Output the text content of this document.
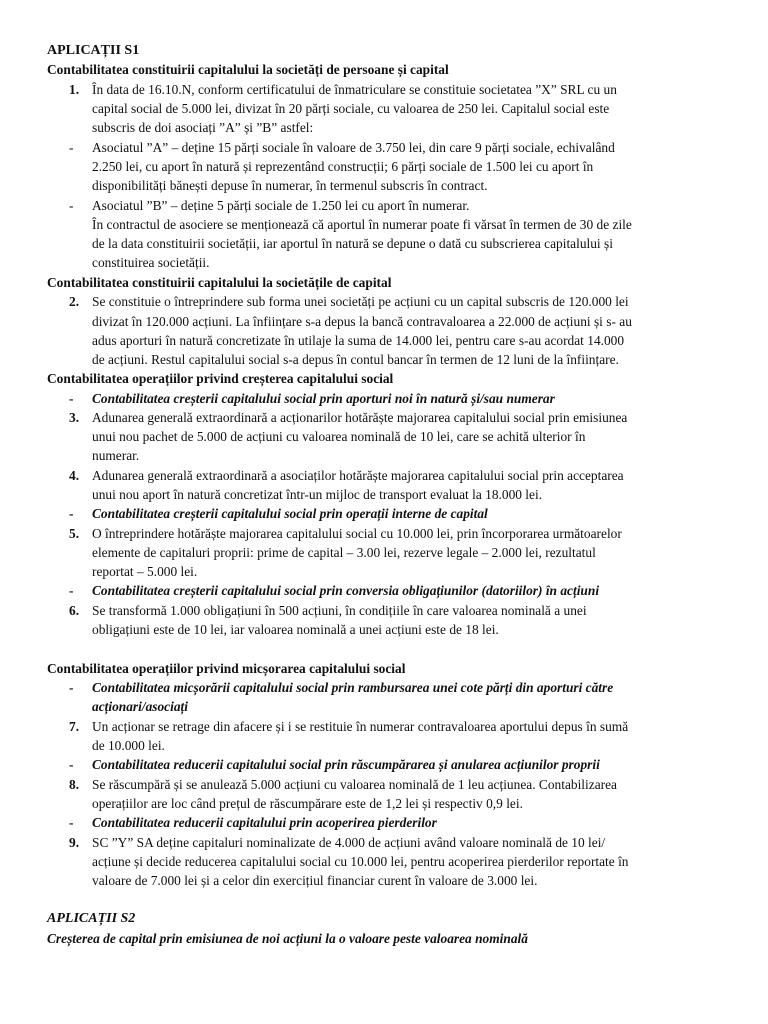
APLICAȚII S1
Contabilitatea constituirii capitalului la societăți de persoane și capital
1. În data de 16.10.N, conform certificatului de înmatriculare se constituie societatea ”X” SRL cu un
capital social de 5.000 lei, divizat în 20 părți sociale, cu valoarea de 250 lei. Capitalul social este
subscris de doi asociați ”A” și ”B” astfel:
- Asociatul ”A” – deține 15 părți sociale în valoare de 3.750 lei, din care 9 părți sociale, echivalând
2.250 lei, cu aport în natură și reprezentând construcții; 6 părți sociale de 1.500 lei cu aport în
disponibilități bănești depuse în numerar, în termenul subscris în contract.
- Asociatul ”B” – deține 5 părți sociale de 1.250 lei cu aport în numerar.
În contractul de asociere se menționează că aportul în numerar poate fi vărsat în termen de 30 de zile
de la data constituirii societății, iar aportul în natură se depune o dată cu subscrierea capitalului și
constituirea societății.
Contabilitatea constituirii capitalului la societățile de capital
2. Se constituie o întreprindere sub forma unei societăți pe acțiuni cu un capital subscris de 120.000 lei
divizat în 120.000 acțiuni. La înființare s-a depus la bancă contravaloarea a 22.000 de acțiuni și s- au
adus aporturi în natură concretizate în utilaje la suma de 14.000 lei, pentru care s-au acordat 14.000
de acțiuni. Restul capitalului social s-a depus în contul bancar în termen de 12 luni de la înființare.
Contabilitatea operațiilor privind creșterea capitalului social
- Contabilitatea creșterii capitalului social prin aporturi noi în natură și/sau numerar
3. Adunarea generală extraordinară a acționarilor hotărăște majorarea capitalului social prin emisiunea
unui nou pachet de 5.000 de acțiuni cu valoarea nominală de 10 lei, care se achită ulterior în
numerar.
4. Adunarea generală extraordinară a asociaților hotărăște majorarea capitalului social prin acceptarea
unui nou aport în natură concretizat într-un mijloc de transport evaluat la 18.000 lei.
- Contabilitatea creșterii capitalului social prin operații interne de capital
5. O întreprindere hotărăște majorarea capitalului social cu 10.000 lei, prin încorporarea următoarelor
elemente de capitaluri proprii: prime de capital – 3.00 lei, rezerve legale – 2.000 lei, rezultatul
reportat – 5.000 lei.
- Contabilitatea creșterii capitalului social prin conversia obligațiunilor (datoriilor) în acțiuni
6. Se transformă 1.000 obligațiuni în 500 acțiuni, în condițiile în care valoarea nominală a unei
obligațiuni este de 10 lei, iar valoarea nominală a unei acțiuni este de 18 lei.
Contabilitatea operațiilor privind micșorarea capitalului social
- Contabilitatea micșorării capitalului social prin rambursarea unei cote părți din aporturi către
acționari/asociați
7. Un acționar se retrage din afacere și i se restituie în numerar contravaloarea aportului depus în sumă
de 10.000 lei.
- Contabilitatea reducerii capitalului social prin răscumpărarea și anularea acțiunilor proprii
8. Se răscumpără și se anulează 5.000 acțiuni cu valoarea nominală de 1 leu acțiunea. Contabilizarea
operațiilor are loc când prețul de răscumpărare este de 1,2 lei și respectiv 0,9 lei.
- Contabilitatea reducerii capitalului prin acoperirea pierderilor
9. SC ”Y” SA deține capitaluri nominalizate de 4.000 de acțiuni având valoare nominală de 10 lei/
acțiune și decide reducerea capitalului social cu 10.000 lei, pentru acoperirea pierderilor reportate în
valoare de 7.000 lei și a celor din exercițiul financiar curent în valoare de 3.000 lei.
APLICAȚII S2
Creșterea de capital prin emisiunea de noi acțiuni la o valoare peste valoarea nominală
